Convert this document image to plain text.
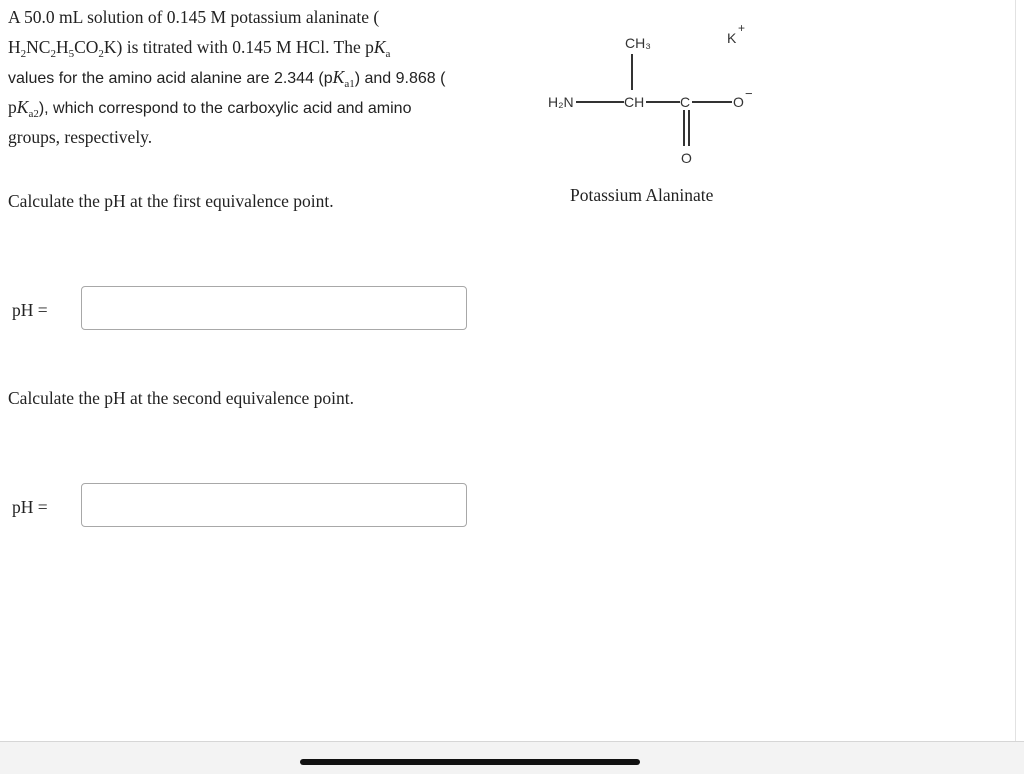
A 50.0 mL solution of 0.145 M potassium alaninate (
$H_2NC_2H_5CO_2K$) is titrated with 0.145 M HCl. The $pK_a$
values for the amino acid alanine are 2.344 $(pK_{a1})$ and 9.868 (
$pK_{a2}$), which correspond to the carboxylic acid and amino
groups, respectively.
CH₃
H₂N	CH	C	O
−
O
K
+
Potassium Alaninate
Calculate the pH at the first equivalence point.
pH =
Calculate the pH at the second equivalence point.
pH =
